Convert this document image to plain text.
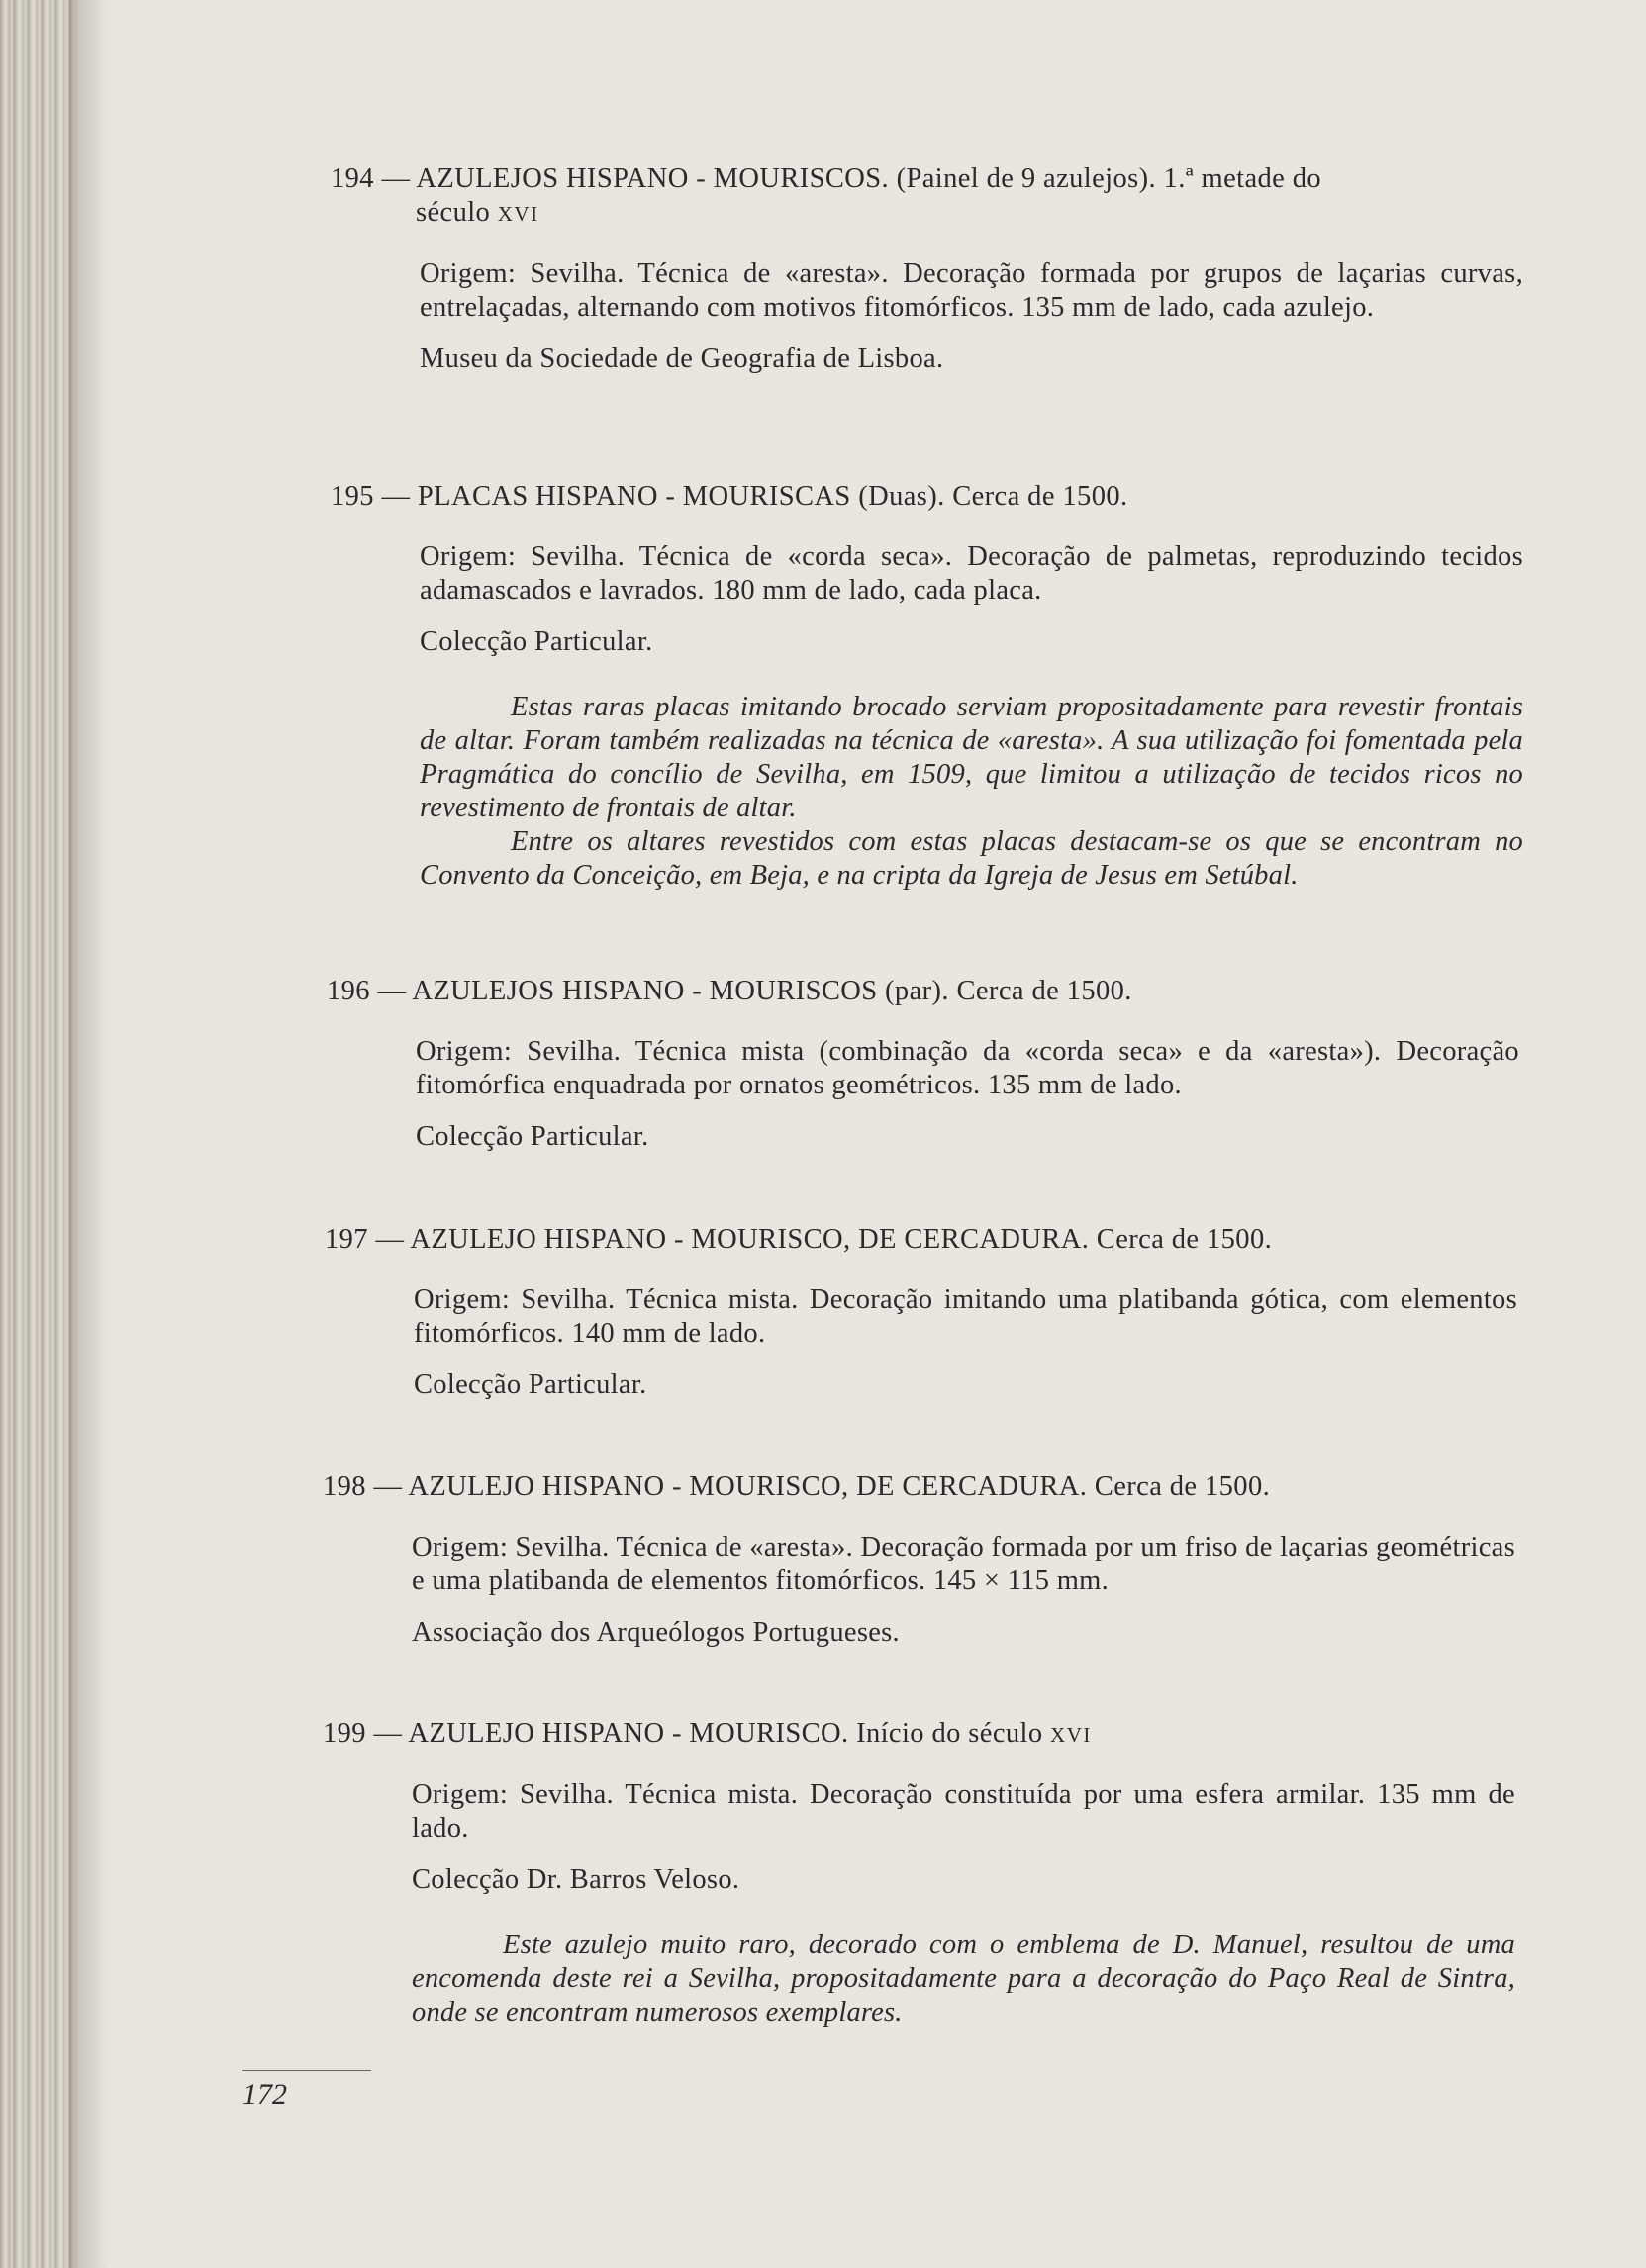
194 — AZULEJOS HISPANO - MOURISCOS. (Painel de 9 azulejos). 1.ª metade do

século XVI

Origem: Sevilha. Técnica de «aresta». Decoração formada por grupos de laçarias curvas, entrelaçadas, alternando com motivos fitomórficos. 135 mm de lado, cada azulejo.

Museu da Sociedade de Geografia de Lisboa.

195 — PLACAS HISPANO - MOURISCAS (Duas). Cerca de 1500.

Origem: Sevilha. Técnica de «corda seca». Decoração de palmetas, reproduzindo tecidos adamascados e lavrados. 180 mm de lado, cada placa.

Colecção Particular.

Estas raras placas imitando brocado serviam propositadamente para revestir frontais de altar. Foram também realizadas na técnica de «aresta». A sua utilização foi fomentada pela Pragmática do concílio de Sevilha, em 1509, que limitou a utilização de tecidos ricos no revestimento de frontais de altar.

Entre os altares revestidos com estas placas destacam-se os que se encontram no Convento da Conceição, em Beja, e na cripta da Igreja de Jesus em Setúbal.

196 — AZULEJOS HISPANO - MOURISCOS (par). Cerca de 1500.

Origem: Sevilha. Técnica mista (combinação da «corda seca» e da «aresta»). Decoração fitomórfica enquadrada por ornatos geométricos. 135 mm de lado.

Colecção Particular.

197 — AZULEJO HISPANO - MOURISCO, DE CERCADURA. Cerca de 1500.

Origem: Sevilha. Técnica mista. Decoração imitando uma platibanda gótica, com elementos fitomórficos. 140 mm de lado.

Colecção Particular.

198 — AZULEJO HISPANO - MOURISCO, DE CERCADURA. Cerca de 1500.

Origem: Sevilha. Técnica de «aresta». Decoração formada por um friso de laçarias geométricas e uma platibanda de elementos fitomórficos. 145 × 115 mm.

Associação dos Arqueólogos Portugueses.

199 — AZULEJO HISPANO - MOURISCO. Início do século XVI

Origem: Sevilha. Técnica mista. Decoração constituída por uma esfera armilar. 135 mm de lado.

Colecção Dr. Barros Veloso.

Este azulejo muito raro, decorado com o emblema de D. Manuel, resultou de uma encomenda deste rei a Sevilha, propositadamente para a decoração do Paço Real de Sintra, onde se encontram numerosos exemplares.

172
